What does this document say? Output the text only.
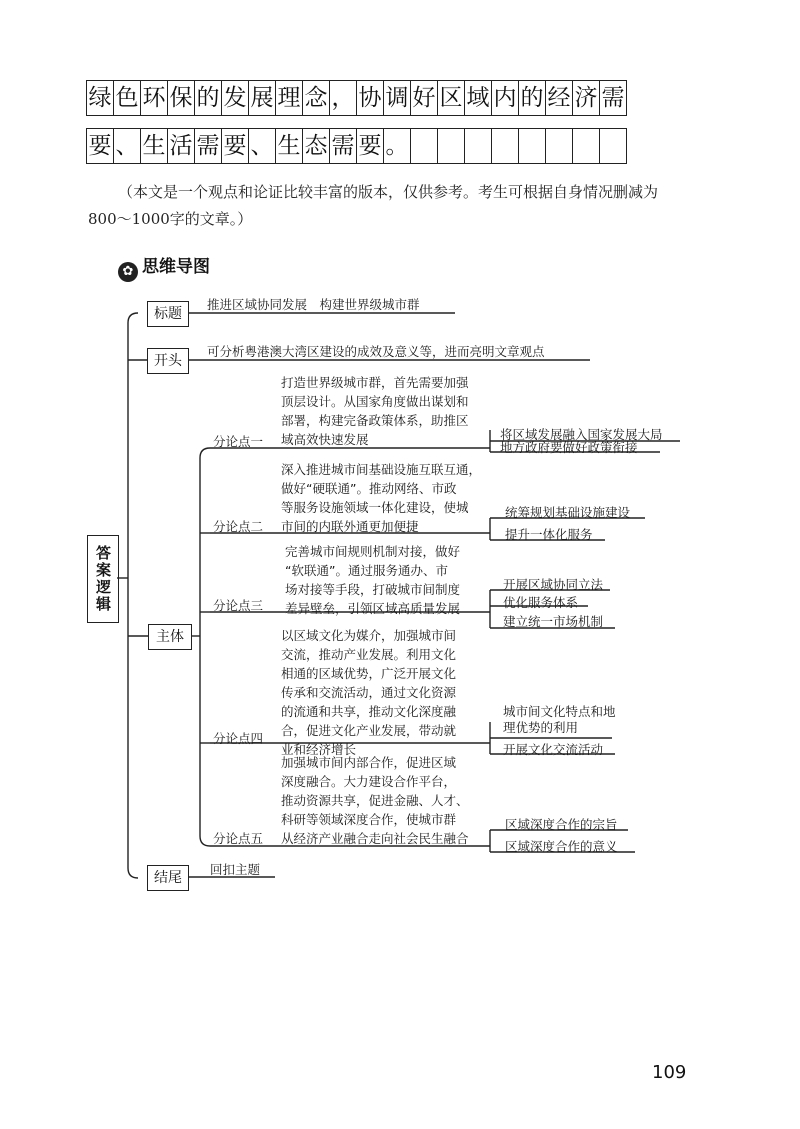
绿	色	环	保	的	发	展	理	念	，	协	调	好	区	域	内	的	经	济	需
要	、	生	活	需	要	、	生	态	需	要	。								
（本文是一个观点和论证比较丰富的版本，仅供参考。考生可根据自身情况删减为
800～1000字的文章。）
✿ 思维导图
答案逻辑
标题
推进区域协同发展　构建世界级城市群
开头
可分析粤港澳大湾区建设的成效及意义等，进而亮明文章观点
主体
分论点一
打造世界级城市群，首先需要加强
顶层设计。从国家角度做出谋划和
部署，构建完备政策体系，助推区
域高效快速发展	将区域发展融入国家发展大局
地方政府要做好政策衔接
分论点二
深入推进城市间基础设施互联互通，
做好“硬联通”。推动网络、市政
等服务设施领域一体化建设，使城
市间的内联外通更加便捷
统筹规划基础设施建设
提升一体化服务
分论点三
完善城市间规则机制对接，做好
“软联通”。通过服务通办、市
场对接等手段，打破城市间制度
差异壁垒，引领区域高质量发展
开展区域协同立法
优化服务体系
建立统一市场机制
分论点四
以区域文化为媒介，加强城市间
交流，推动产业发展。利用文化
相通的区域优势，广泛开展文化
传承和交流活动，通过文化资源
的流通和共享，推动文化深度融
合，促进文化产业发展，带动就
业和经济增长
城市间文化特点和地理优势的利用
开展文化交流活动
分论点五
加强城市间内部合作，促进区域
深度融合。大力建设合作平台，
推动资源共享，促进金融、人才、
科研等领域深度合作，使城市群
从经济产业融合走向社会民生融合
区域深度合作的宗旨
区域深度合作的意义
结尾
回扣主题
109
